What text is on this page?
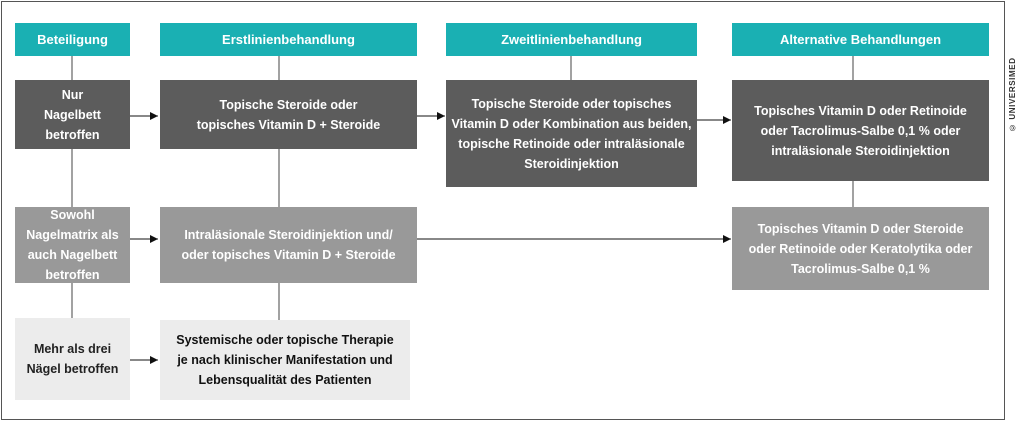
Beteiligung	Erstlinienbehandlung	Zweitlinienbehandlung	Alternative Behandlungen
Nur Nagelbett betroffen
Topische Steroide oder topisches Vitamin D + Steroide
Topische Steroide oder topisches Vitamin D oder Kombination aus beiden, topische Retinoide oder intraläsionale Steroidinjektion
Topisches Vitamin D oder Retinoide oder Tacrolimus-Salbe 0,1 % oder intraläsionale Steroidinjektion
Sowohl Nagelmatrix als auch Nagelbett betroffen
Intraläsionale Steroidinjektion und/ oder topisches Vitamin D + Steroide
Topisches Vitamin D oder Steroide oder Retinoide oder Keratolytika oder Tacrolimus-Salbe 0,1 %
Mehr als drei Nägel betroffen
Systemische oder topische Therapie je nach klinischer Manifestation und Lebensqualität des Patienten
© UNIVERSIMED
